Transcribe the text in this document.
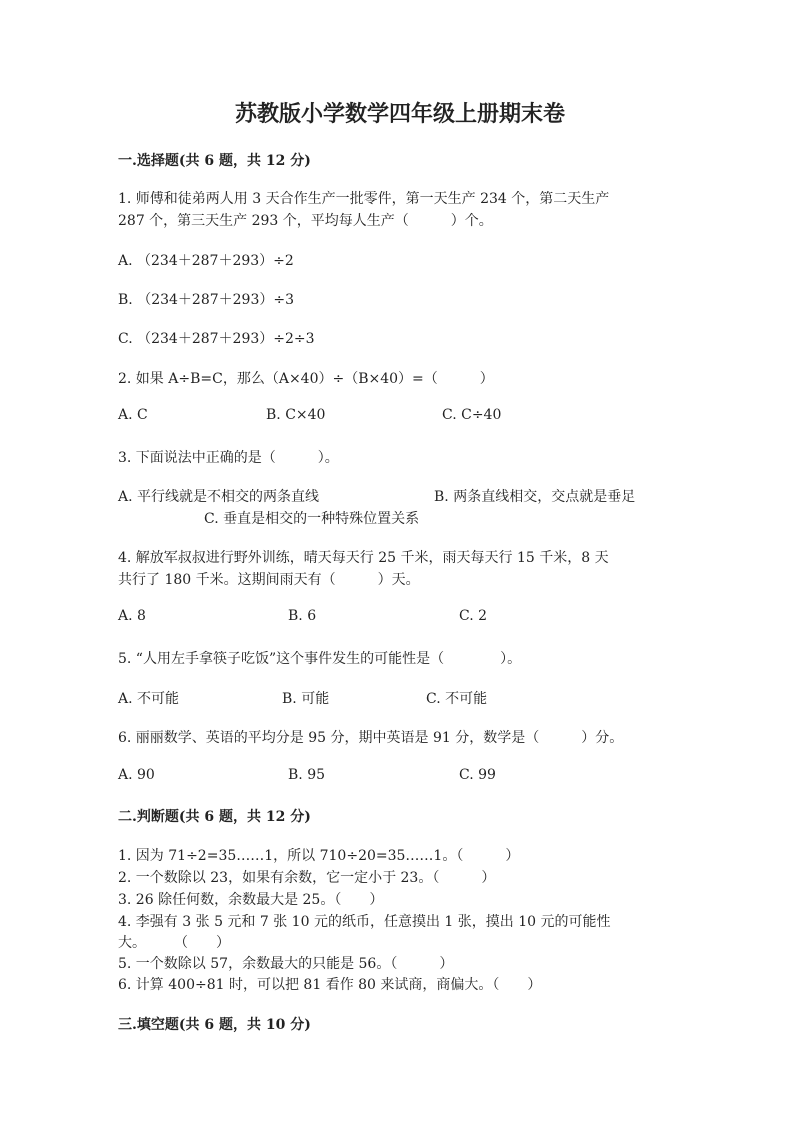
苏教版小学数学四年级上册期末卷
一.选择题(共 6 题，共 12 分)
1. 师傅和徒弟两人用 3 天合作生产一批零件，第一天生产 234 个，第二天生产
287 个，第三天生产 293 个，平均每人生产（　　　）个。
A. （234＋287＋293）÷2
B. （234＋287＋293）÷3
C. （234＋287＋293）÷2÷3
2. 如果 A÷B=C，那么（A×40）÷（B×40）=（　　　）
A. C	B. C×40	C. C÷40
3. 下面说法中正确的是（　　　）。
A. 平行线就是不相交的两条直线	B. 两条直线相交，交点就是垂足
C. 垂直是相交的一种特殊位置关系
4. 解放军叔叔进行野外训练，晴天每天行 25 千米，雨天每天行 15 千米，8 天
共行了 180 千米。这期间雨天有（　　　）天。
A. 8	B. 6	C. 2
5. “人用左手拿筷子吃饭”这个事件发生的可能性是（　　　　）。
A. 不可能	B. 可能	C. 不可能
6. 丽丽数学、英语的平均分是 95 分，期中英语是 91 分，数学是（　　　）分。
A. 90	B. 95	C. 99
二.判断题(共 6 题，共 12 分)
1. 因为 71÷2=35……1，所以 710÷20=35……1。（　　　）
2. 一个数除以 23，如果有余数，它一定小于 23。（　　　）
3. 26 除任何数，余数最大是 25。（　　）
4. 李强有 3 张 5 元和 7 张 10 元的纸币，任意摸出 1 张，摸出 10 元的可能性
大。　　　（　　）
5. 一个数除以 57，余数最大的只能是 56。（　　　）
6. 计算 400÷81 时，可以把 81 看作 80 来试商，商偏大。（　　）
三.填空题(共 6 题，共 10 分)
